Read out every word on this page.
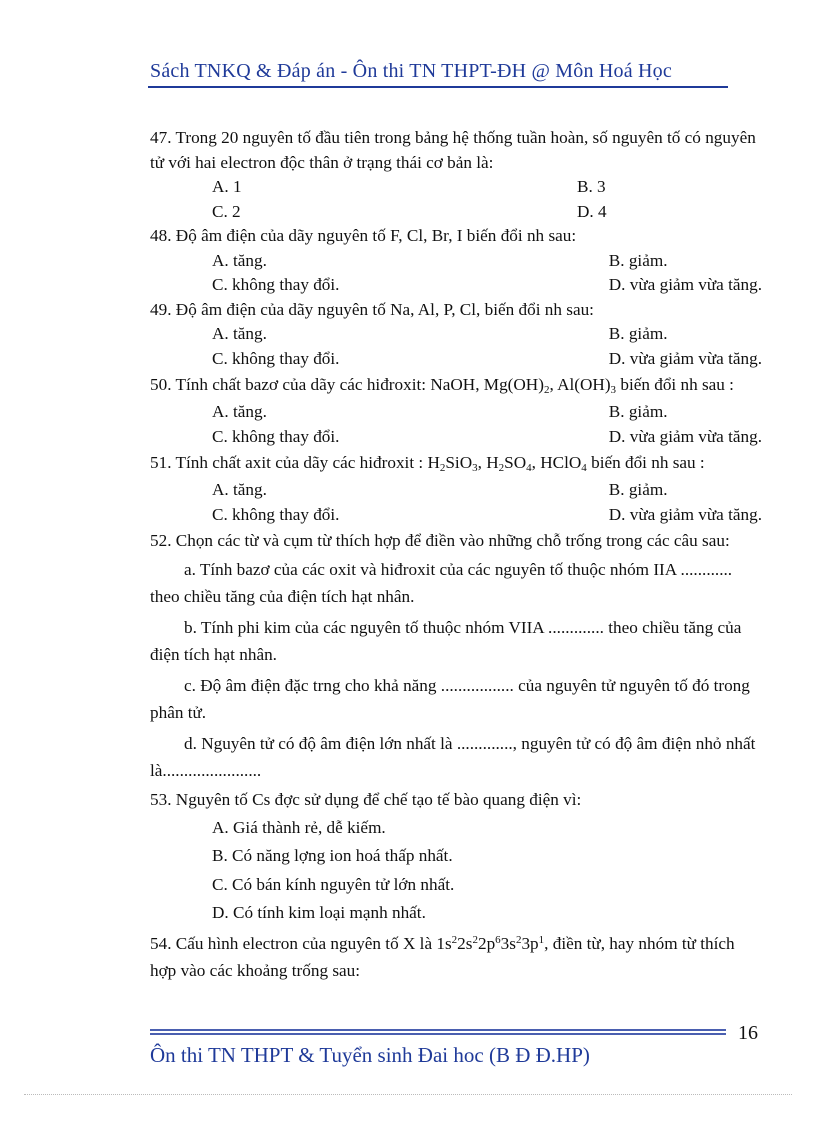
Sách TNKQ & Đáp án - Ôn thi TN THPT-ĐH @ Môn Hoá Học

47. Trong 20 nguyên tố đầu tiên trong bảng hệ thống tuần hoàn, số nguyên tố có nguyên tử với hai electron độc thân ở trạng thái cơ bản là:

A. 1	B. 3
C. 2	D. 4

48. Độ âm điện của dãy nguyên tố F, Cl, Br, I biến đổi nh sau:

A. tăng.	B. giảm.
C. không thay đổi.	D. vừa giảm vừa tăng.

49. Độ âm điện của dãy nguyên tố Na, Al, P, Cl, biến đổi nh sau:

A. tăng.	B. giảm.
C. không thay đổi.	D. vừa giảm vừa tăng.

50. Tính chất bazơ của dãy các hiđroxit: NaOH, $Mg(OH)_2$, $Al(OH)_3$ biến đổi nh sau :

A. tăng.	B. giảm.
C. không thay đổi.	D. vừa giảm vừa tăng.

51. Tính chất axit của dãy các hiđroxit : $H_2SiO_3$, $H_2SO_4$, HClO$_4$ biến đổi nh sau :

A. tăng.	B. giảm.
C. không thay đổi.	D. vừa giảm vừa tăng.

52. Chọn các từ và cụm từ thích hợp để điền vào những chỗ trống trong các câu sau:

a. Tính bazơ của các oxit và hiđroxit của các nguyên tố thuộc nhóm IIA ............ theo chiều tăng của điện tích hạt nhân.

b. Tính phi kim của các nguyên tố thuộc nhóm VIIA ............. theo chiều tăng của điện tích hạt nhân.

c. Độ âm điện đặc trng cho khả năng ................. của nguyên tử nguyên tố đó trong phân tử.

d. Nguyên tử có độ âm điện lớn nhất là ............., nguyên tử có độ âm điện nhỏ nhất là.......................

53. Nguyên tố Cs đợc sử dụng để chế tạo tế bào quang điện vì:

A. Giá thành rẻ, dễ kiếm.
B. Có năng lợng ion hoá thấp nhất.
C. Có bán kính nguyên tử lớn nhất.
D. Có tính kim loại mạnh nhất.

54. Cấu hình electron của nguyên tố X là $1s^22s^22p^63s^23p^1$, điền từ, hay nhóm từ thích hợp vào các khoảng trống sau:

16
Ôn thi TN THPT & Tuyển sinh Đai hoc (B Đ Đ.HP)
